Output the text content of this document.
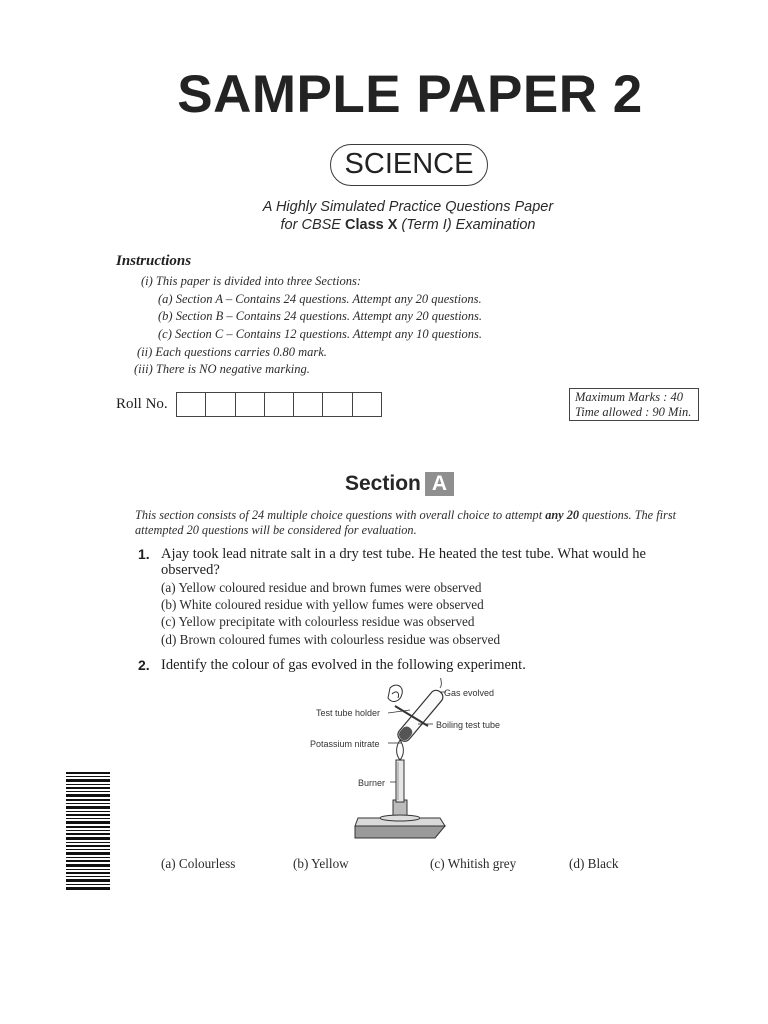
SAMPLE PAPER 2
SCIENCE
A Highly Simulated Practice Questions Paper
for CBSE Class X (Term I) Examination
Instructions
(i) This paper is divided into three Sections:
(a) Section A – Contains 24 questions. Attempt any 20 questions.
(b) Section B – Contains 24 questions. Attempt any 20 questions.
(c) Section C – Contains 12 questions. Attempt any 10 questions.
(ii) Each questions carries 0.80 mark.
(iii) There is NO negative marking.
Roll No.	Maximum Marks : 40
Time allowed : 90 Min.
Section A
This section consists of 24 multiple choice questions with overall choice to attempt any 20 questions. The first attempted 20 questions will be considered for evaluation.
1. Ajay took lead nitrate salt in a dry test tube. He heated the test tube. What would he
observed?
(a) Yellow coloured residue and brown fumes were observed
(b) White coloured residue with yellow fumes were observed
(c) Yellow precipitate with colourless residue was observed
(d) Brown coloured fumes with colourless residue was observed
2. Identify the colour of gas evolved in the following experiment.
Gas evolved
Test tube holder
Boiling test tube
Potassium nitrate
Burner
(a) Colourless	(b) Yellow	(c) Whitish grey	(d) Black
